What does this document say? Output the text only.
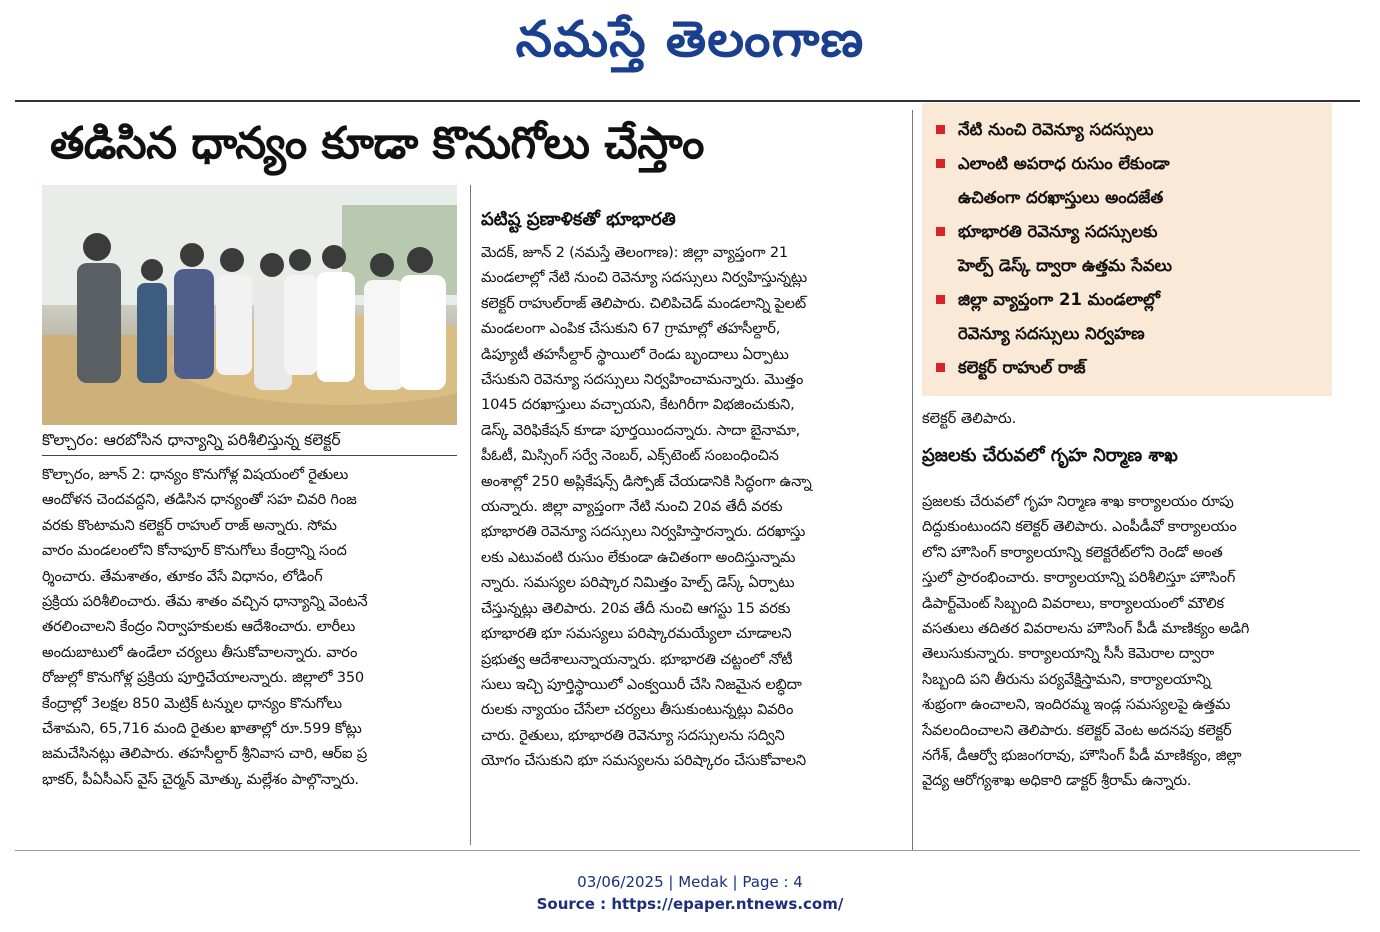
నమస్తే తెలంగాణ
తడిసిన ధాన్యం కూడా కొనుగోలు చేస్తాం
కొల్చారం: ఆరబోసిన ధాన్యాన్ని పరిశీలిస్తున్న కలెక్టర్

కొల్చారం, జూన్ 2: ధాన్యం కొనుగోళ్ల విషయంలో రైతులు

ఆందోళన చెందవద్దని, తడిసిన ధాన్యంతో సహ చివరి గింజ

వరకు కొంటామని కలెక్టర్ రాహుల్ రాజ్ అన్నారు. సోమ

వారం మండలంలోని కోనాపూర్ కొనుగోలు కేంద్రాన్ని సంద

ర్శించారు. తేమశాతం, తూకం వేసే విధానం, లోడింగ్

ప్రక్రియ పరిశీలించారు. తేమ శాతం వచ్చిన ధాన్యాన్ని వెంటనే

తరలించాలని కేంద్రం నిర్వాహకులకు ఆదేశించారు. లారీలు

అందుబాటులో ఉండేలా చర్యలు తీసుకోవాలన్నారు. వారం

రోజుల్లో కొనుగోళ్ల ప్రక్రియ పూర్తిచేయాలన్నారు. జిల్లాలో 350

కేంద్రాల్లో 3లక్షల 850 మెట్రిక్ టన్నుల ధాన్యం కొనుగోలు

చేశామని, 65,716 మంది రైతుల ఖాతాల్లో రూ.599 కోట్లు

జమచేసినట్లు తెలిపారు. తహసీల్దార్ శ్రీనివాస చారి, ఆర్ఐ ప్ర

భాకర్, పీఏసీఎస్ వైస్ చైర్మన్ మోత్కు మల్లేశం పాల్గొన్నారు.

పటిష్ట ప్రణాళికతో భూభారతి

మెదక్, జూన్ 2 (నమస్తే తెలంగాణ): జిల్లా వ్యాప్తంగా 21

మండలాల్లో నేటి నుంచి రెవెన్యూ సదస్సులు నిర్వహిస్తున్నట్లు

కలెక్టర్ రాహుల్‌రాజ్ తెలిపారు. చిలిపిచెడ్ మండలాన్ని పైలట్

మండలంగా ఎంపిక చేసుకుని 67 గ్రామాల్లో తహసీల్దార్,

డిప్యూటీ తహసీల్దార్ స్థాయిలో రెండు బృందాలు ఏర్పాటు

చేసుకుని రెవెన్యూ సదస్సులు నిర్వహించామన్నారు. మొత్తం

1045 దరఖాస్తులు వచ్చాయని, కేటగిరీగా విభజించుకుని,

డెస్క్ వెరిఫికేషన్ కూడా పూర్తయిందన్నారు. సాదా బైనామా,

పీఓటీ, మిస్సింగ్ సర్వే నెంబర్, ఎక్స్‌టెంట్ సంబంధించిన

అంశాల్లో 250 అప్లికేషన్స్ డిస్పోజ్ చేయడానికి సిద్ధంగా ఉన్నా

యన్నారు. జిల్లా వ్యాప్తంగా నేటి నుంచి 20వ తేదీ వరకు

భూభారతి రెవెన్యూ సదస్సులు నిర్వహిస్తారన్నారు. దరఖాస్తు

లకు ఎటువంటి రుసుం లేకుండా ఉచితంగా అందిస్తున్నామ

న్నారు. సమస్యల పరిష్కార నిమిత్తం హెల్ప్ డెస్క్ ఏర్పాటు

చేస్తున్నట్లు తెలిపారు. 20వ తేదీ నుంచి ఆగస్టు 15 వరకు

భూభారతి భూ సమస్యలు పరిష్కారమయ్యేలా చూడాలని

ప్రభుత్వ ఆదేశాలున్నాయన్నారు. భూభారతి చట్టంలో నోటీ

సులు ఇచ్చి పూర్తిస్థాయిలో ఎంక్వయిరీ చేసి నిజమైన లబ్ధిదా

రులకు న్యాయం చేసేలా చర్యలు తీసుకుంటున్నట్లు వివరిం

చారు. రైతులు, భూభారతి రెవెన్యూ సదస్సులను సద్విని

యోగం చేసుకుని భూ సమస్యలను పరిష్కారం చేసుకోవాలని

నేటి నుంచి రెవెన్యూ సదస్సులు
ఎలాంటి అపరాధ రుసుం లేకుండా
ఉచితంగా దరఖాస్తులు అందజేత
భూభారతి రెవెన్యూ సదస్సులకు
హెల్ప్ డెస్క్ ద్వారా ఉత్తమ సేవలు
జిల్లా వ్యాప్తంగా 21 మండలాల్లో
రెవెన్యూ సదస్సులు నిర్వహణ
కలెక్టర్ రాహుల్ రాజ్
కలెక్టర్ తెలిపారు.
ప్రజలకు చేరువలో గృహ నిర్మాణ శాఖ

ప్రజలకు చేరువలో గృహ నిర్మాణ శాఖ కార్యాలయం రూపు

దిద్దుకుంటుందని కలెక్టర్ తెలిపారు. ఎంపీడీవో కార్యాలయం

లోని హౌసింగ్ కార్యాలయాన్ని కలెక్టరేట్‌లోని రెండో అంత

స్తులో ప్రారంభించారు. కార్యాలయాన్ని పరిశీలిస్తూ హౌసింగ్

డిపార్ట్‌మెంట్ సిబ్బంది వివరాలు, కార్యాలయంలో మౌలిక

వసతులు తదితర వివరాలను హౌసింగ్ పీడీ మాణిక్యం అడిగి

తెలుసుకున్నారు. కార్యాలయాన్ని సీసీ కెమెరాల ద్వారా

సిబ్బంది పని తీరును పర్యవేక్షిస్తామని, కార్యాలయాన్ని

శుభ్రంగా ఉంచాలని, ఇందిరమ్మ ఇండ్ల సమస్యలపై ఉత్తమ

సేవలందించాలని తెలిపారు. కలెక్టర్ వెంట అదనపు కలెక్టర్

నగేశ్, డీఆర్వో భుజంగరావు, హౌసింగ్ పీడీ మాణిక్యం, జిల్లా

వైద్య ఆరోగ్యశాఖ అధికారి డాక్టర్ శ్రీరామ్ ఉన్నారు.

03/06/2025 | Medak | Page : 4
Source : https://epaper.ntnews.com/
